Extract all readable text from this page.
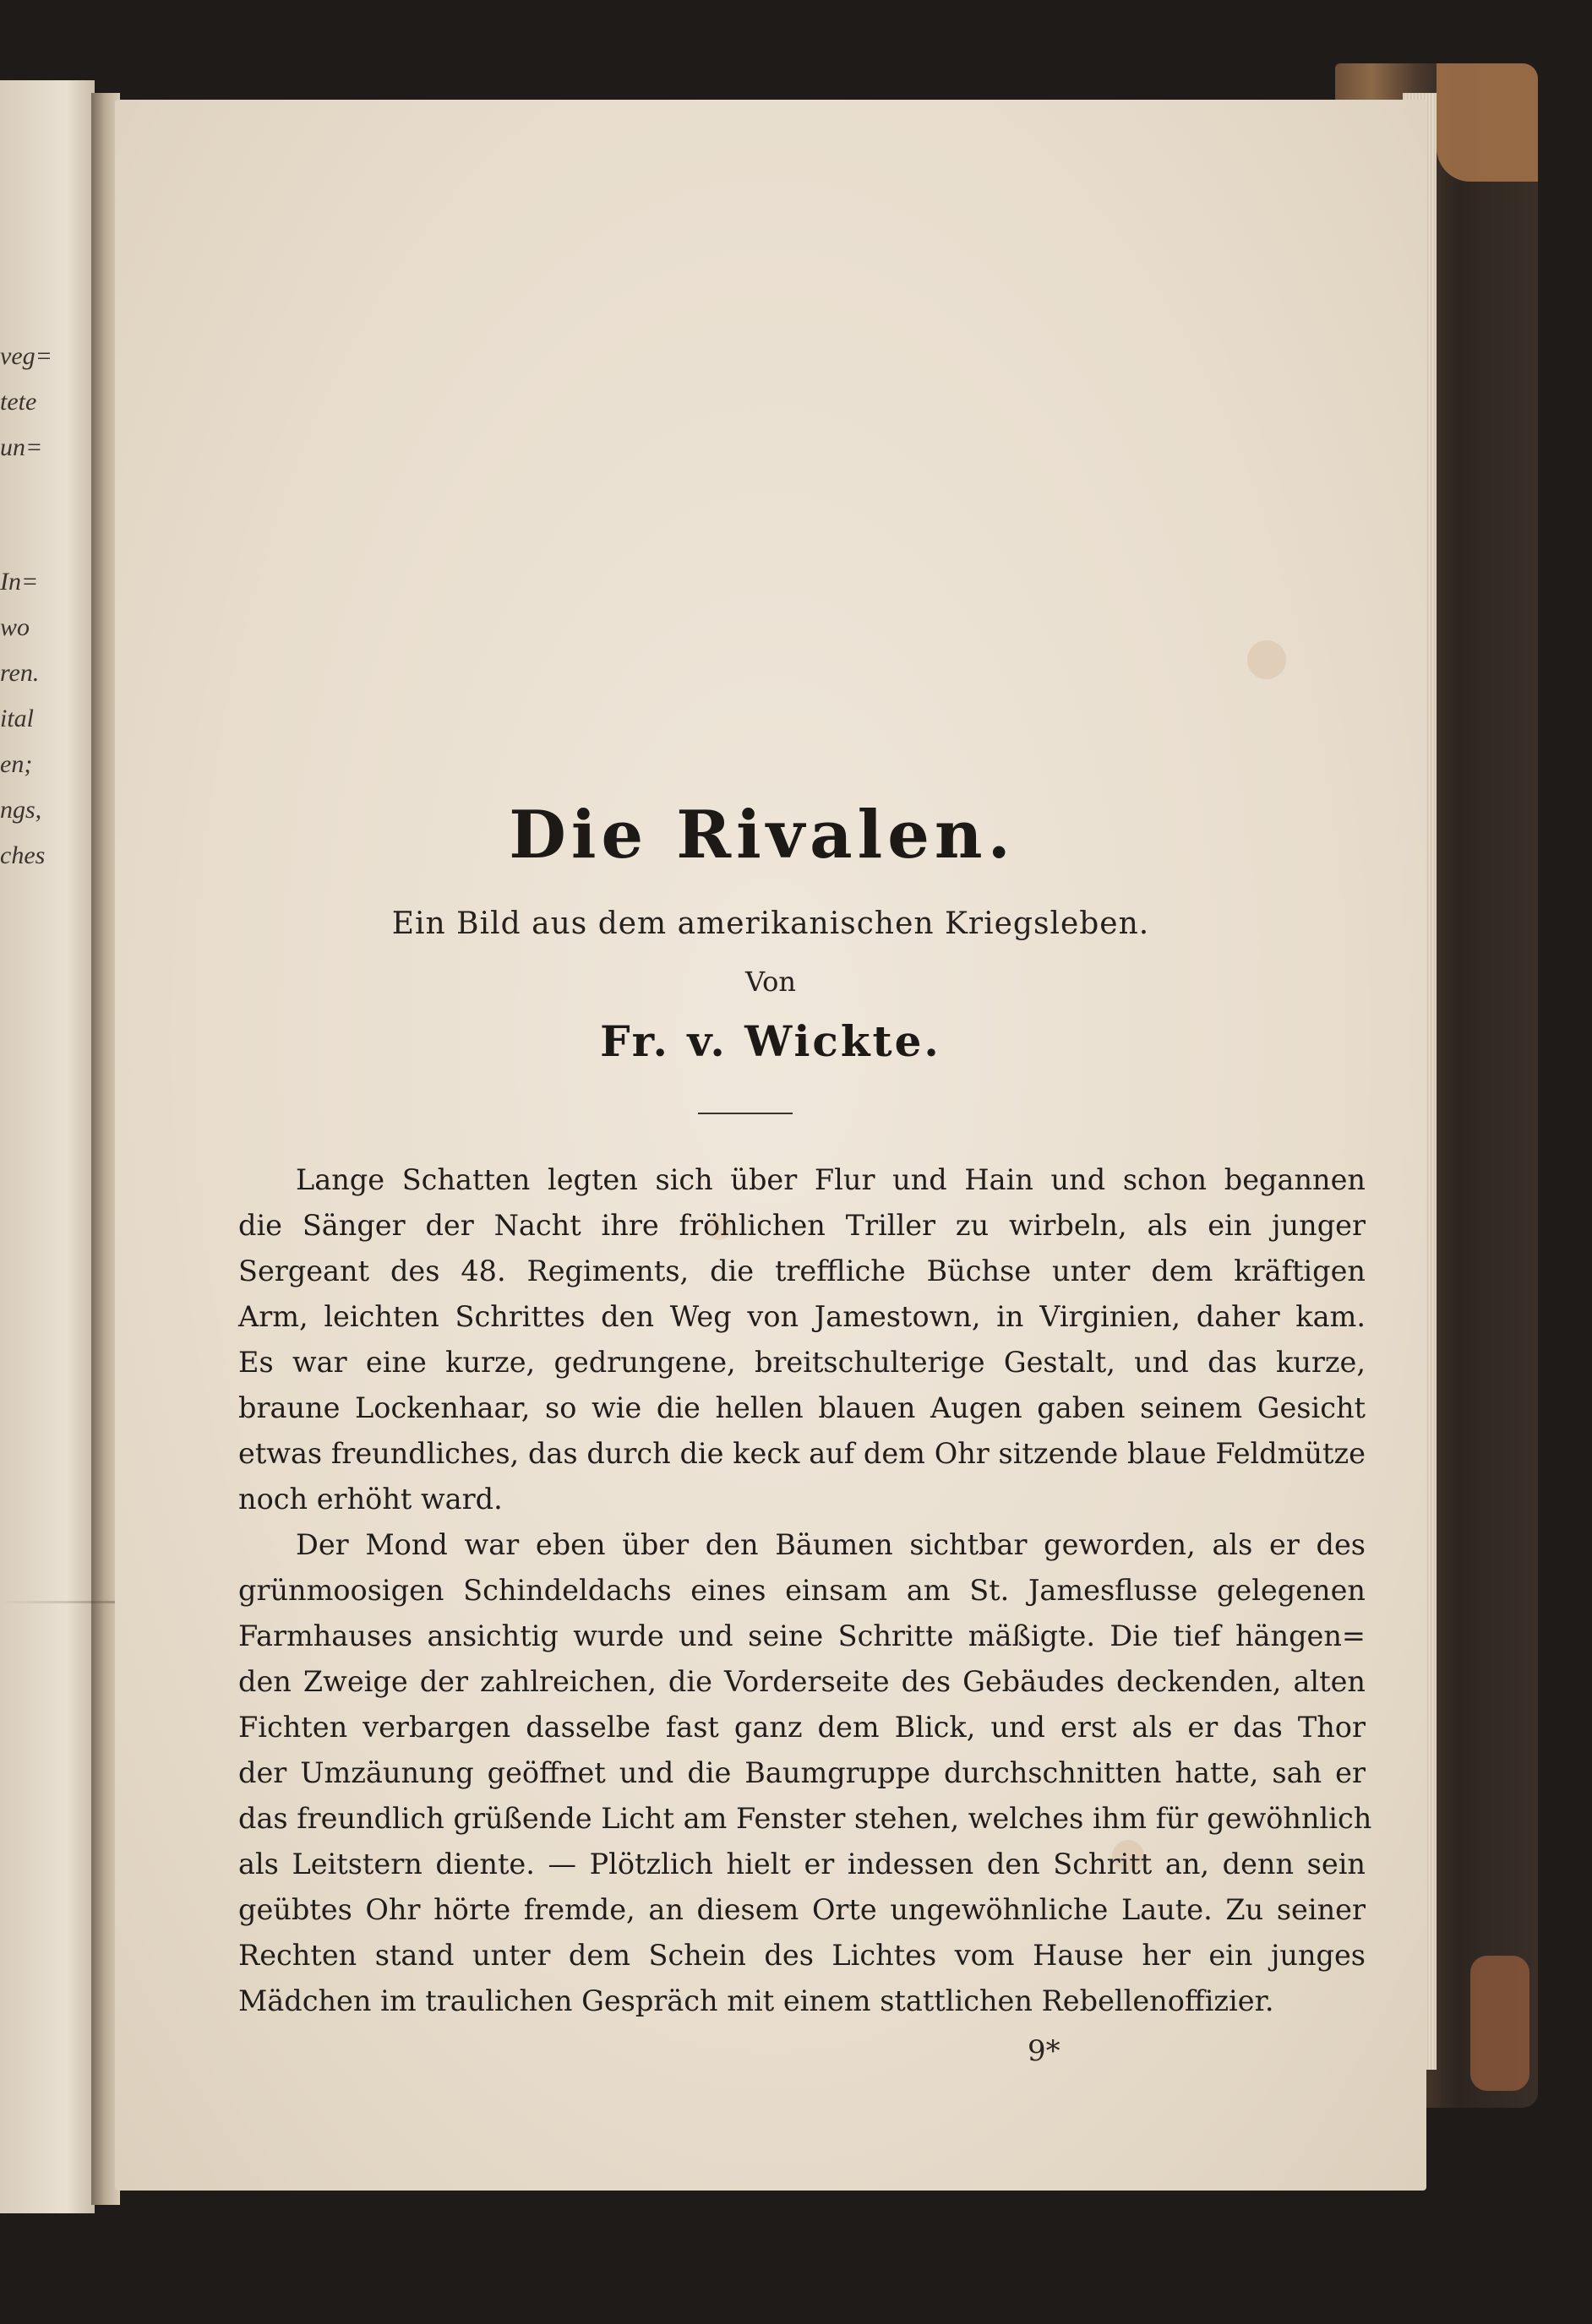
veg=
tete
un=
In=
wo
ren.
ital
en;
ngs,
ches	Die Rivalen.
Ein Bild aus dem amerikanischen Kriegsleben.
Von
Fr. v. Wickte.
Lange Schatten legten sich über Flur und Hain und schon begannen
die Sänger der Nacht ihre fröhlichen Triller zu wirbeln, als ein junger
Sergeant des 48. Regiments, die treffliche Büchse unter dem kräftigen
Arm, leichten Schrittes den Weg von Jamestown, in Virginien, daher kam.
Es war eine kurze, gedrungene, breitschulterige Gestalt, und das kurze,
braune Lockenhaar, so wie die hellen blauen Augen gaben seinem Gesicht
etwas freundliches, das durch die keck auf dem Ohr sitzende blaue Feldmütze
noch erhöht ward.
Der Mond war eben über den Bäumen sichtbar geworden, als er des
grünmoosigen Schindeldachs eines einsam am St. Jamesflusse gelegenen
Farmhauses ansichtig wurde und seine Schritte mäßigte. Die tief hängen=
den Zweige der zahlreichen, die Vorderseite des Gebäudes deckenden, alten
Fichten verbargen dasselbe fast ganz dem Blick, und erst als er das Thor
der Umzäunung geöffnet und die Baumgruppe durchschnitten hatte, sah er
das freundlich grüßende Licht am Fenster stehen, welches ihm für gewöhnlich
als Leitstern diente. — Plötzlich hielt er indessen den Schritt an, denn sein
geübtes Ohr hörte fremde, an diesem Orte ungewöhnliche Laute. Zu seiner
Rechten stand unter dem Schein des Lichtes vom Hause her ein junges
Mädchen im traulichen Gespräch mit einem stattlichen Rebellenoffizier.
9*
